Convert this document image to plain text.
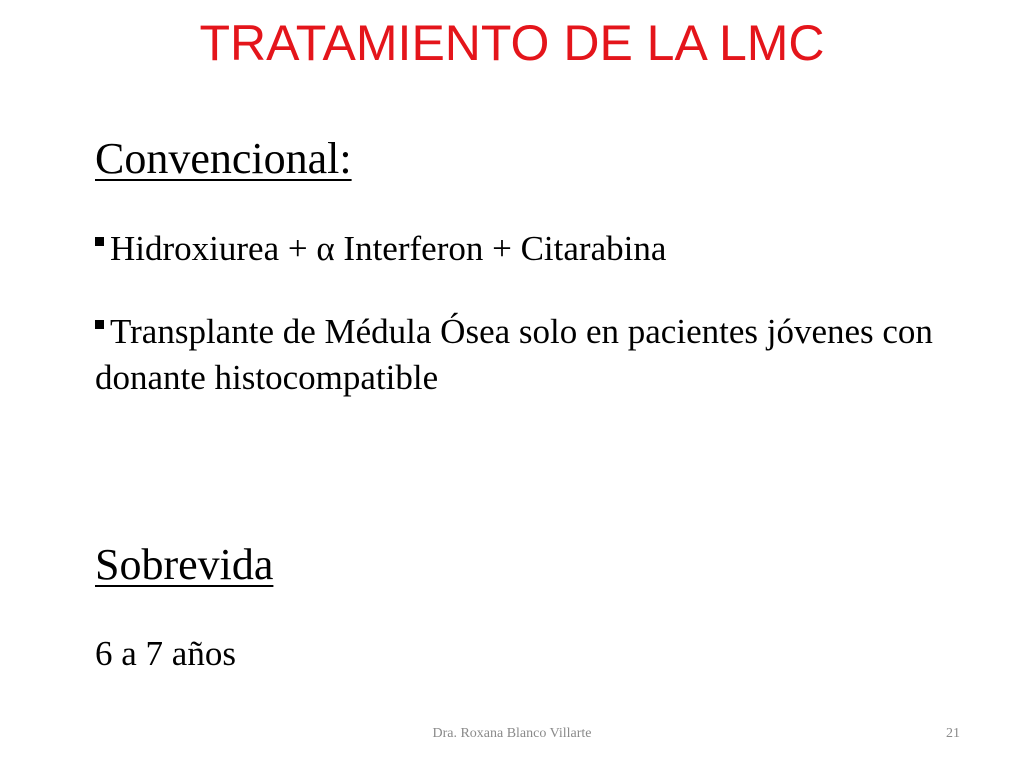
TRATAMIENTO DE LA LMC
Convencional:
Hidroxiurea + α Interferon + Citarabina
Transplante de Médula Ósea solo en pacientes jóvenes con donante histocompatible
Sobrevida
6 a 7 años
Dra. Roxana Blanco Villarte	21
